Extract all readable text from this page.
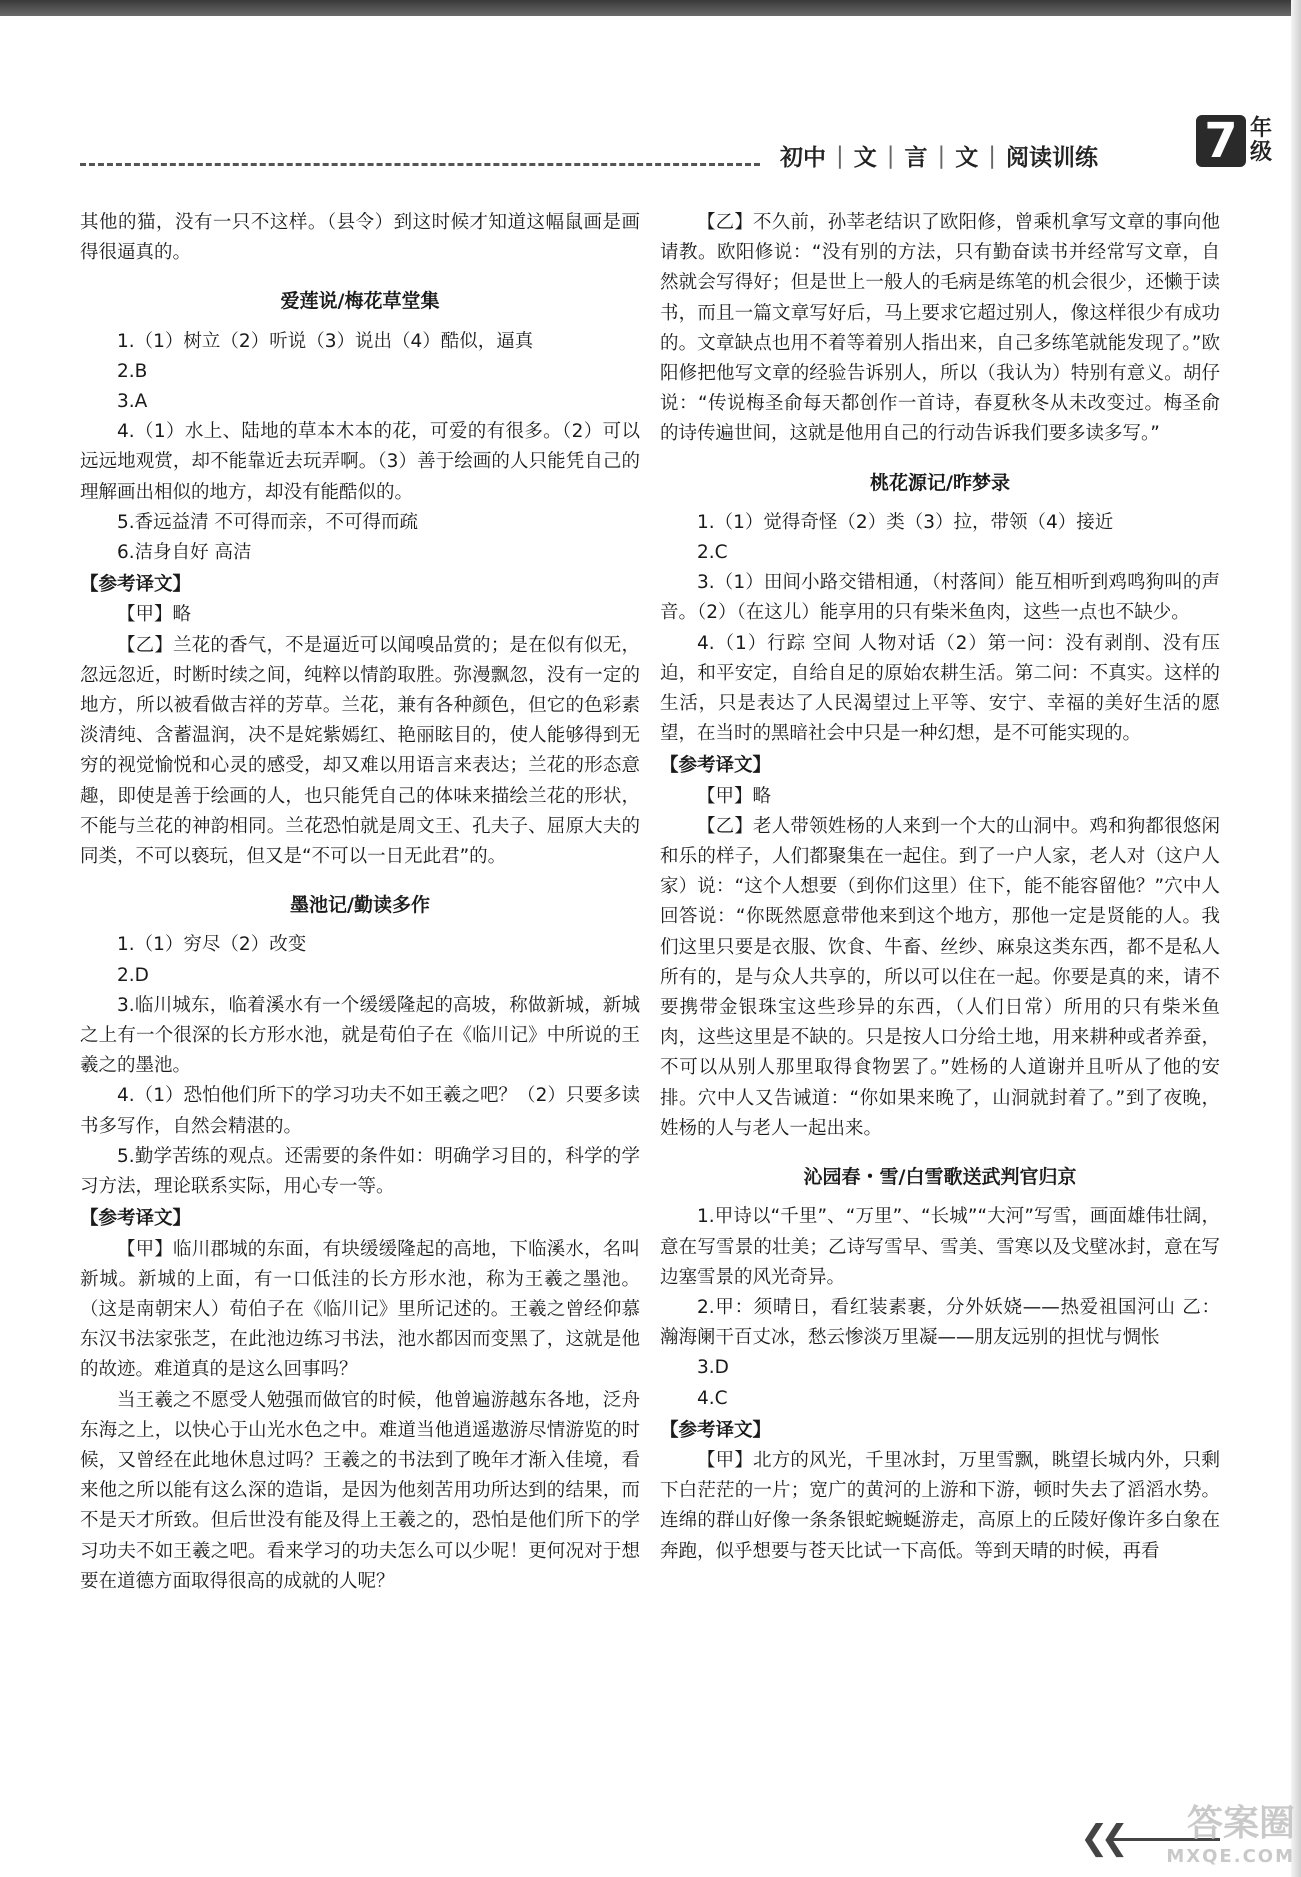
初中 | 文 | 言 | 文 | 阅读训练 7 年级

其他的猫，没有一只不这样。（县令）到这时候才知道这幅鼠画是画得很逼真的。

爱莲说/梅花草堂集

1.（1）树立（2）听说（3）说出（4）酷似，逼真

2.B

3.A

4.（1）水上、陆地的草本木本的花，可爱的有很多。（2）可以远远地观赏，却不能靠近去玩弄啊。（3）善于绘画的人只能凭自己的理解画出相似的地方，却没有能酷似的。

5.香远益清 不可得而亲，不可得而疏

6.洁身自好 高洁

【参考译文】

【甲】略

【乙】兰花的香气，不是逼近可以闻嗅品赏的；是在似有似无，忽远忽近，时断时续之间，纯粹以情韵取胜。弥漫飘忽，没有一定的地方，所以被看做吉祥的芳草。兰花，兼有各种颜色，但它的色彩素淡清纯、含蓄温润，决不是姹紫嫣红、艳丽眩目的，使人能够得到无穷的视觉愉悦和心灵的感受，却又难以用语言来表达；兰花的形态意趣，即使是善于绘画的人，也只能凭自己的体味来描绘兰花的形状，不能与兰花的神韵相同。兰花恐怕就是周文王、孔夫子、屈原大夫的同类，不可以亵玩，但又是“不可以一日无此君”的。

墨池记/勤读多作

1.（1）穷尽（2）改变

2.D

3.临川城东，临着溪水有一个缓缓隆起的高坡，称做新城，新城之上有一个很深的长方形水池，就是荀伯子在《临川记》中所说的王羲之的墨池。

4.（1）恐怕他们所下的学习功夫不如王羲之吧？（2）只要多读书多写作，自然会精湛的。

5.勤学苦练的观点。还需要的条件如：明确学习目的，科学的学习方法，理论联系实际，用心专一等。

【参考译文】

【甲】临川郡城的东面，有块缓缓隆起的高地，下临溪水，名叫新城。新城的上面，有一口低洼的长方形水池，称为王羲之墨池。（这是南朝宋人）荀伯子在《临川记》里所记述的。王羲之曾经仰慕东汉书法家张芝，在此池边练习书法，池水都因而变黑了，这就是他的故迹。难道真的是这么回事吗？

当王羲之不愿受人勉强而做官的时候，他曾遍游越东各地，泛舟东海之上，以快心于山光水色之中。难道当他逍遥遨游尽情游览的时候，又曾经在此地休息过吗？王羲之的书法到了晚年才渐入佳境，看来他之所以能有这么深的造诣，是因为他刻苦用功所达到的结果，而不是天才所致。但后世没有能及得上王羲之的，恐怕是他们所下的学习功夫不如王羲之吧。看来学习的功夫怎么可以少呢！更何况对于想要在道德方面取得很高的成就的人呢？

【乙】不久前，孙莘老结识了欧阳修，曾乘机拿写文章的事向他请教。欧阳修说：“没有别的方法，只有勤奋读书并经常写文章，自然就会写得好；但是世上一般人的毛病是练笔的机会很少，还懒于读书，而且一篇文章写好后，马上要求它超过别人，像这样很少有成功的。文章缺点也用不着等着别人指出来，自己多练笔就能发现了。”欧阳修把他写文章的经验告诉别人，所以（我认为）特别有意义。胡仔说：“传说梅圣俞每天都创作一首诗，春夏秋冬从未改变过。梅圣俞的诗传遍世间，这就是他用自己的行动告诉我们要多读多写。”

桃花源记/昨梦录

1.（1）觉得奇怪（2）类（3）拉，带领（4）接近

2.C

3.（1）田间小路交错相通，（村落间）能互相听到鸡鸣狗叫的声音。（2）（在这儿）能享用的只有柴米鱼肉，这些一点也不缺少。

4.（1）行踪 空间 人物对话（2）第一问：没有剥削、没有压迫，和平安定，自给自足的原始农耕生活。第二问：不真实。这样的生活，只是表达了人民渴望过上平等、安宁、幸福的美好生活的愿望，在当时的黑暗社会中只是一种幻想，是不可能实现的。

【参考译文】

【甲】略

【乙】老人带领姓杨的人来到一个大的山洞中。鸡和狗都很悠闲和乐的样子，人们都聚集在一起住。到了一户人家，老人对（这户人家）说：“这个人想要（到你们这里）住下，能不能容留他？”穴中人回答说：“你既然愿意带他来到这个地方，那他一定是贤能的人。我们这里只要是衣服、饮食、牛畜、丝纱、麻泉这类东西，都不是私人所有的，是与众人共享的，所以可以住在一起。你要是真的来，请不要携带金银珠宝这些珍异的东西，（人们日常）所用的只有柴米鱼肉，这些这里是不缺的。只是按人口分给土地，用来耕种或者养蚕，不可以从别人那里取得食物罢了。”姓杨的人道谢并且听从了他的安排。穴中人又告诫道：“你如果来晚了，山洞就封着了。”到了夜晚，姓杨的人与老人一起出来。

沁园春・雪/白雪歌送武判官归京

1.甲诗以“千里”、“万里”、“长城”“大河”写雪，画面雄伟壮阔，意在写雪景的壮美；乙诗写雪早、雪美、雪寒以及戈壁冰封，意在写边塞雪景的风光奇异。

2.甲：须晴日，看红装素裹，分外妖娆——热爱祖国河山 乙：瀚海阑干百丈冰，愁云惨淡万里凝——朋友远别的担忧与惆怅

3.D

4.C

【参考译文】

【甲】北方的风光，千里冰封，万里雪飘，眺望长城内外，只剩下白茫茫的一片；宽广的黄河的上游和下游，顿时失去了滔滔水势。连绵的群山好像一条条银蛇蜿蜒游走，高原上的丘陵好像许多白象在奔跑，似乎想要与苍天比试一下高低。等到天晴的时候，再看

❮❮	答案圈
MXQE.COM
